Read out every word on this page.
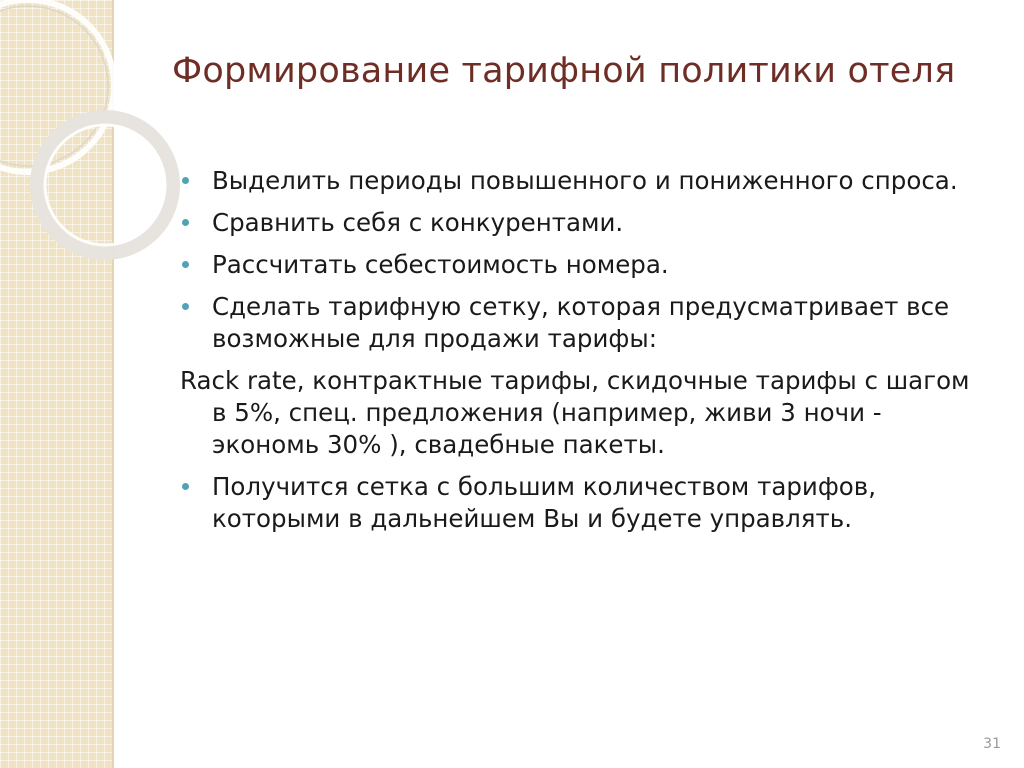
Формирование тарифной политики отеля
Выделить периоды повышенного и пониженного спроса.
Сравнить себя с конкурентами.
Рассчитать себестоимость номера.
Сделать тарифную сетку, которая предусматривает все возможные для продажи тарифы:
Rack rate, контрактные тарифы, скидочные тарифы с шагом в 5%, спец. предложения (например, живи 3 ночи - экономь 30% ), свадебные пакеты.
Получится сетка с большим количеством тарифов, которыми в дальнейшем Вы и будете управлять.
31
